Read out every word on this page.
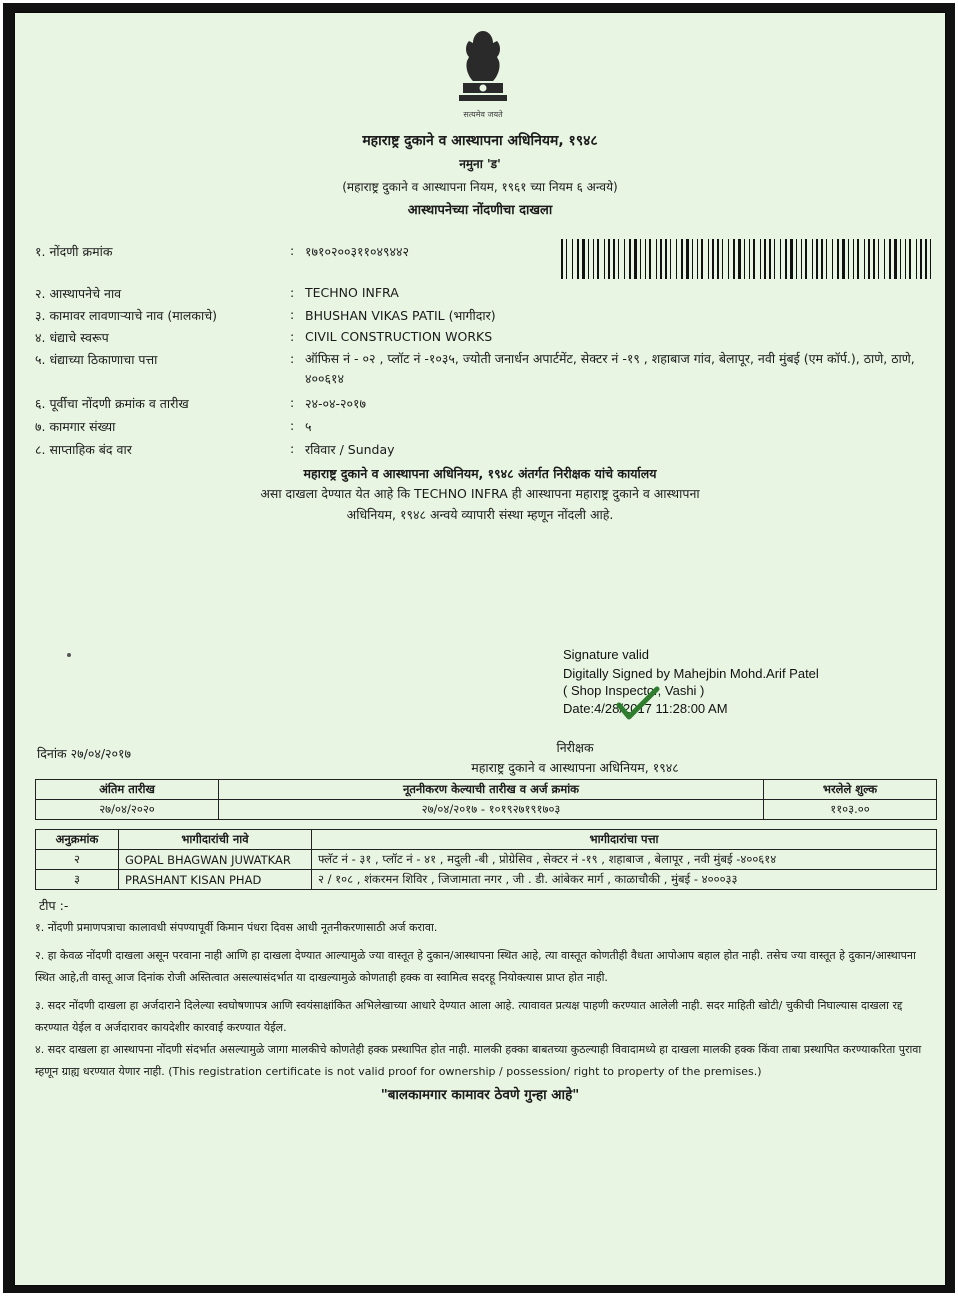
सत्यमेव जयते
महाराष्ट्र दुकाने व आस्थापना अधिनियम, १९४८
नमुना 'ड'
(महाराष्ट्र दुकाने व आस्थापना नियम, १९६१ च्या नियम ६ अन्वये)
आस्थापनेच्या नोंदणीचा दाखला
१. नोंदणी क्रमांक	: १७१०२००३११०४९४४२
२. आस्थापनेचे नाव	: TECHNO INFRA
३. कामावर लावणाऱ्याचे नाव (मालकाचे)	: BHUSHAN VIKAS PATIL (भागीदार)
४. धंद्याचे स्वरूप	: CIVIL CONSTRUCTION WORKS
५. धंद्याच्या ठिकाणाचा पत्ता	: ऑफिस नं - ०२ , प्लॉट नं -१०३५, ज्योती जनार्धन अपार्टमेंट, सेक्टर नं -१९ , शहाबाज गांव, बेलापूर, नवी मुंबई (एम कॉर्प.), ठाणे, ठाणे, ४००६१४
६. पूर्वीचा नोंदणी क्रमांक व तारीख	: २४-०४-२०१७
७. कामगार संख्या	: ५
८. साप्ताहिक बंद वार	: रविवार / Sunday
महाराष्ट्र दुकाने व आस्थापना अधिनियम, १९४८ अंतर्गत निरीक्षक यांचे कार्यालय
असा दाखला देण्यात येत आहे कि TECHNO INFRA ही आस्थापना महाराष्ट्र दुकाने व आस्थापना
अधिनियम, १९४८ अन्वये व्यापारी संस्था म्हणून नोंदली आहे.
Signature valid
Digitally Signed by Mahejbin Mohd.Arif Patel
( Shop Inspector, Vashi )
Date:4/28/2017 11:28:00 AM
दिनांक २७/०४/२०१७	निरीक्षक
महाराष्ट्र दुकाने व आस्थापना अधिनियम, १९४८
अंतिम तारीख	नूतनीकरण केल्याची तारीख व अर्ज क्रमांक	भरलेले शुल्क
२७/०४/२०२०	२७/०४/२०१७ - १०१९२७१९१७०३	११०३.००
अनुक्रमांक	भागीदारांची नावे	भागीदारांचा पत्ता
२	GOPAL BHAGWAN JUWATKAR	फ्लॅट नं - ३१ , प्लॉट नं - ४१ , मदुली -बी , प्रोग्रेसिव , सेक्टर नं -१९ , शहाबाज , बेलापूर , नवी मुंबई -४००६१४
३	PRASHANT KISAN PHAD	२ / १०८ , शंकरमन शिविर , जिजामाता नगर , जी . डी. आंबेकर मार्ग , काळाचौकी , मुंबई - ४०००३३
टीप :-
१. नोंदणी प्रमाणपत्राचा कालावधी संपण्यापूर्वी किमान पंधरा दिवस आधी नूतनीकरणासाठी अर्ज करावा.
२. हा केवळ नोंदणी दाखला असून परवाना नाही आणि हा दाखला देण्यात आल्यामुळे ज्या वास्तूत हे दुकान/आस्थापना स्थित आहे, त्या वास्तूत कोणतीही वैधता आपोआप बहाल होत नाही. तसेच ज्या वास्तूत हे दुकान/आस्थापना स्थित आहे,ती वास्तू आज दिनांक रोजी अस्तित्वात असल्यासंदर्भात या दाखल्यामुळे कोणताही हक्क वा स्वामित्व सदरहू नियोक्त्यास प्राप्त होत नाही.
३. सदर नोंदणी दाखला हा अर्जदाराने दिलेल्या स्वघोषणापत्र आणि स्वयंसाक्षांकित अभिलेखाच्या आधारे देण्यात आला आहे. त्यावावत प्रत्यक्ष पाहणी करण्यात आलेली नाही. सदर माहिती खोटी/ चुकीची निघाल्यास दाखला रद्द करण्यात येईल व अर्जदारावर कायदेशीर कारवाई करण्यात येईल.
४. सदर दाखला हा आस्थापना नोंदणी संदर्भात असल्यामुळे जागा मालकीचे कोणतेही हक्क प्रस्थापित होत नाही. मालकी हक्का बाबतच्या कुठल्याही विवादामध्ये हा दाखला मालकी हक्क किंवा ताबा प्रस्थापित करण्याकरिता पुरावा म्हणून ग्राह्य धरण्यात येणार नाही. (This registration certificate is not valid proof for ownership / possession/ right to property of the premises.)
"बालकामगार कामावर ठेवणे गुन्हा आहे"
